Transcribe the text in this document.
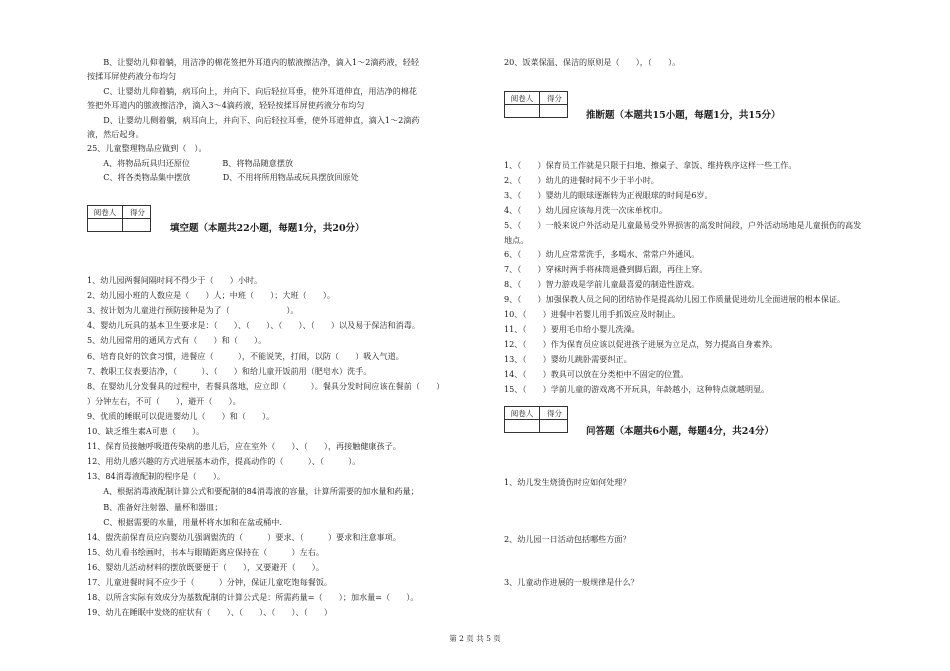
　　B、让婴幼儿仰着躺，用洁净的棉花签把外耳道内的脓液擦洁净，滴入1～2滴药液，轻轻
按揉耳屏使药液分布均匀
　　C、让婴幼儿仰着躺，病耳向上，并向下、向后轻拉耳垂，使外耳道伸直，用洁净的棉花
签把外耳道内的脓液擦洁净，滴入3～4滴药液，轻轻按揉耳屏使药液分布均匀
　　D、让婴幼儿侧着躺，病耳向上，并向下、向后轻拉耳垂，使外耳道伸直，滴入1～2滴药
液，然后起身。
25、儿童整理物品应做到（　）。
　　A、将物品玩具归还原位　　　　B、将物品随意摆放
　　C、将各类物品集中摆放　　　　D、不用将所用物品或玩具摆放回原处
阅卷人	得分
填空题（本题共22小题，每题1分，共20分）
1、幼儿园两餐间隔时间不得少于（　　）小时。
2、幼儿园小班的人数应是（　　）人；中班（　　）；大班（　　）。
3、按计划为儿童进行预防接种是为了（　　　　　　　）。
4、婴幼儿玩具的基本卫生要求是：（　　）、（　　）、（　　）、（　　）以及易于保洁和消毒。
5、幼儿园常用的通风方式有（　　）和（　　）。
6、培育良好的饮食习惯，进餐应（　　　），不能说笑，打闹，以防（　　）吸入气道。
7、教职工仪表要洁净，（　　　）、（　　）和给儿童开饭前用（肥皂水）洗手。
8、在婴幼儿分发餐具的过程中，若餐具落地，应立即（　　　）。餐具分发时间应该在餐前（　　）
）分钟左右，不可（　　），避开（　　）。
9、优质的睡眠可以促进婴幼儿（　　）和（　　）。
10、缺乏维生素A可患（　　）。
11、保育员接触呼吸道传染病的患儿后，应在室外（　　）、（　　），再接触健康孩子。
12、用幼儿感兴趣的方式进展基本动作，提高动作的（　　　）、（　　　）。
13、84消毒液配制的程序是（　　）。
　　A、根据消毒液配制计算公式和要配制的84消毒液的容量，计算所需要的加水量和药量；
　　B、准备好注射器、量杯和器皿；
　　C、根据需要的水量，用量杯将水加和在盆或桶中.
14、盥洗前保育员应向婴幼儿强调盥洗的（　　　）要求、（　　　）要求和注意事项。
15、幼儿看书绘画时，书本与眼睛距离应保持在（　　　）左右。
16、婴幼儿活动材料的摆放既要便于（　　），又要避开（　　）。
17、儿童进餐时间不应少于（　　　）分钟，保证儿童吃饱每餐饭。
18、以所含实际有效成分为基数配制的计算公式是：所需药量=（　　）；加水量=（　　）。
19、幼儿在睡眠中发烧的症状有（　　）、（　　）、（　　）、（　　）
20、饭菜保温、保洁的原则是（　　），（　　）。
阅卷人	得分
推断题（本题共15小题，每题1分，共15分）
1、（　　）保育员工作就是只限于扫地、擦桌子、拿饭、维持秩序这样一些工作。
2、（　　）幼儿的进餐时间不少于半小时。
3、（　　）婴幼儿的眼球逐渐转为正视眼球的时间是6岁。
4、（　　）幼儿园应该每月洗一次床单枕巾。
5、（　　）一般来说户外活动是儿童最易受外界损害的高发时间段，户外活动场地是儿童损伤的高发
地点。
6、（　　）幼儿应常常洗手，多喝水、常常户外通风。
7、（　　）穿袜时两手将袜筒退叠到脚后跟，再往上穿。
8、（　　）智力游戏是学前儿童最喜爱的制造性游戏。
9、（　　）加强保教人员之间的团结协作是提高幼儿园工作质量促进幼儿全面进展的根本保证。
10、（　　）进餐中若婴儿用手抓饭应及时制止。
11、（　　）要用毛巾给小婴儿洗澡。
12、（　　）作为保育员应该以促进孩子进展为立足点，努力提高自身素养。
13、（　　）婴幼儿跳卧需要纠正。
14、（　　）教具可以放在分类柜中不固定的位置。
15、（　　）学前儿童的游戏离不开玩具，年龄越小，这种特点就越明显。
阅卷人	得分
问答题（本题共6小题，每题4分，共24分）
1、幼儿发生烧烫伤时应如何处理？
2、幼儿园一日活动包括哪些方面？
3、儿童动作进展的一般规律是什么？
第 2 页 共 5 页
